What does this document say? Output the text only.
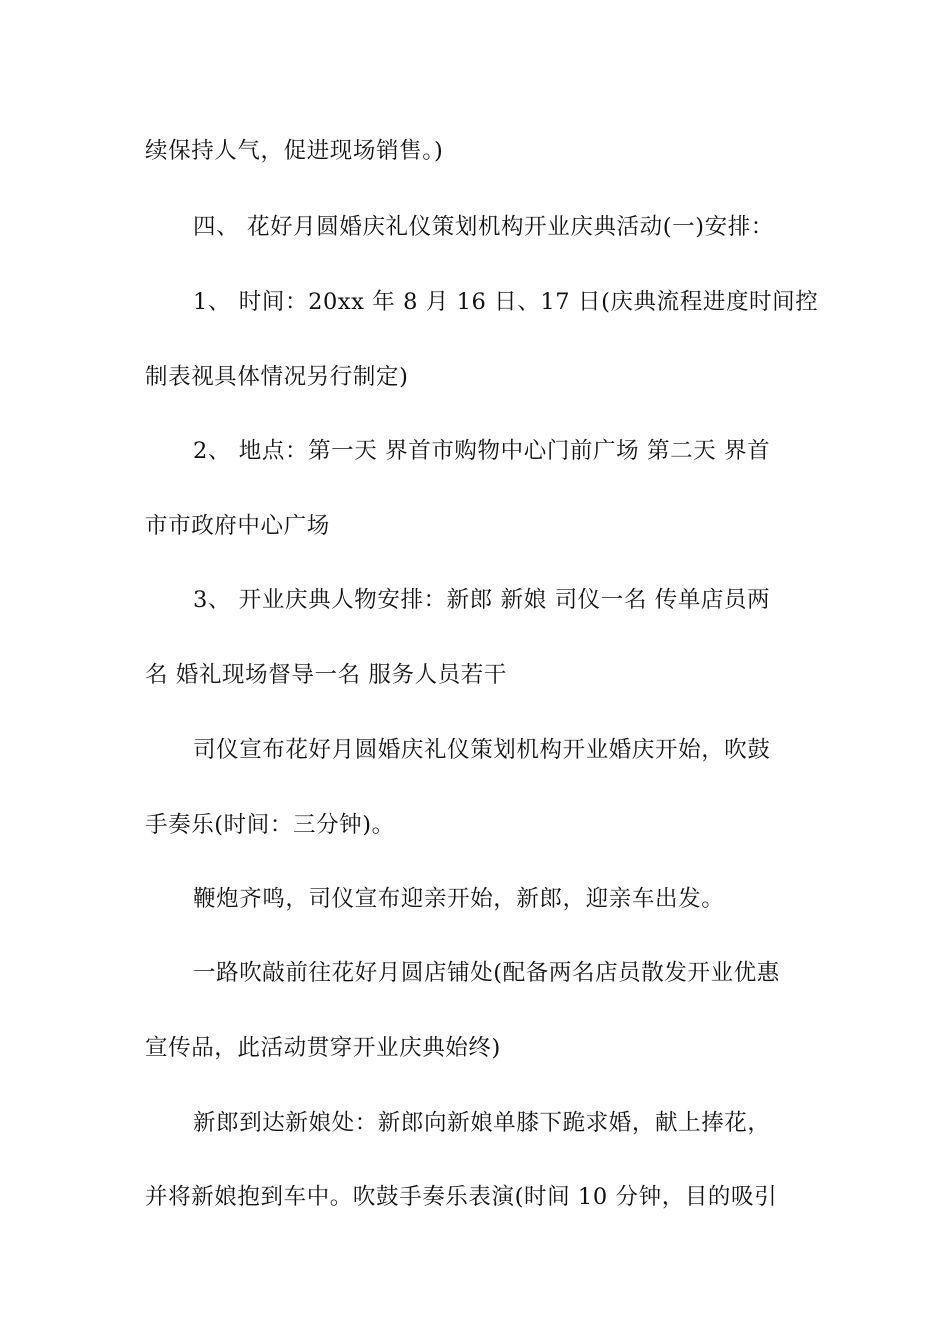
续保持人气，促进现场销售。)
四、 花好月圆婚庆礼仪策划机构开业庆典活动(一)安排：
1、 时间：20xx 年 8 月 16 日、17 日(庆典流程进度时间控
制表视具体情况另行制定)
2、 地点：第一天 界首市购物中心门前广场 第二天 界首
市市政府中心广场
3、 开业庆典人物安排：新郎 新娘 司仪一名 传单店员两
名 婚礼现场督导一名 服务人员若干
司仪宣布花好月圆婚庆礼仪策划机构开业婚庆开始，吹鼓
手奏乐(时间：三分钟)。
鞭炮齐鸣，司仪宣布迎亲开始，新郎，迎亲车出发。
一路吹敲前往花好月圆店铺处(配备两名店员散发开业优惠
宣传品，此活动贯穿开业庆典始终)
新郎到达新娘处：新郎向新娘单膝下跪求婚，献上捧花，
并将新娘抱到车中。吹鼓手奏乐表演(时间 10 分钟，目的吸引
